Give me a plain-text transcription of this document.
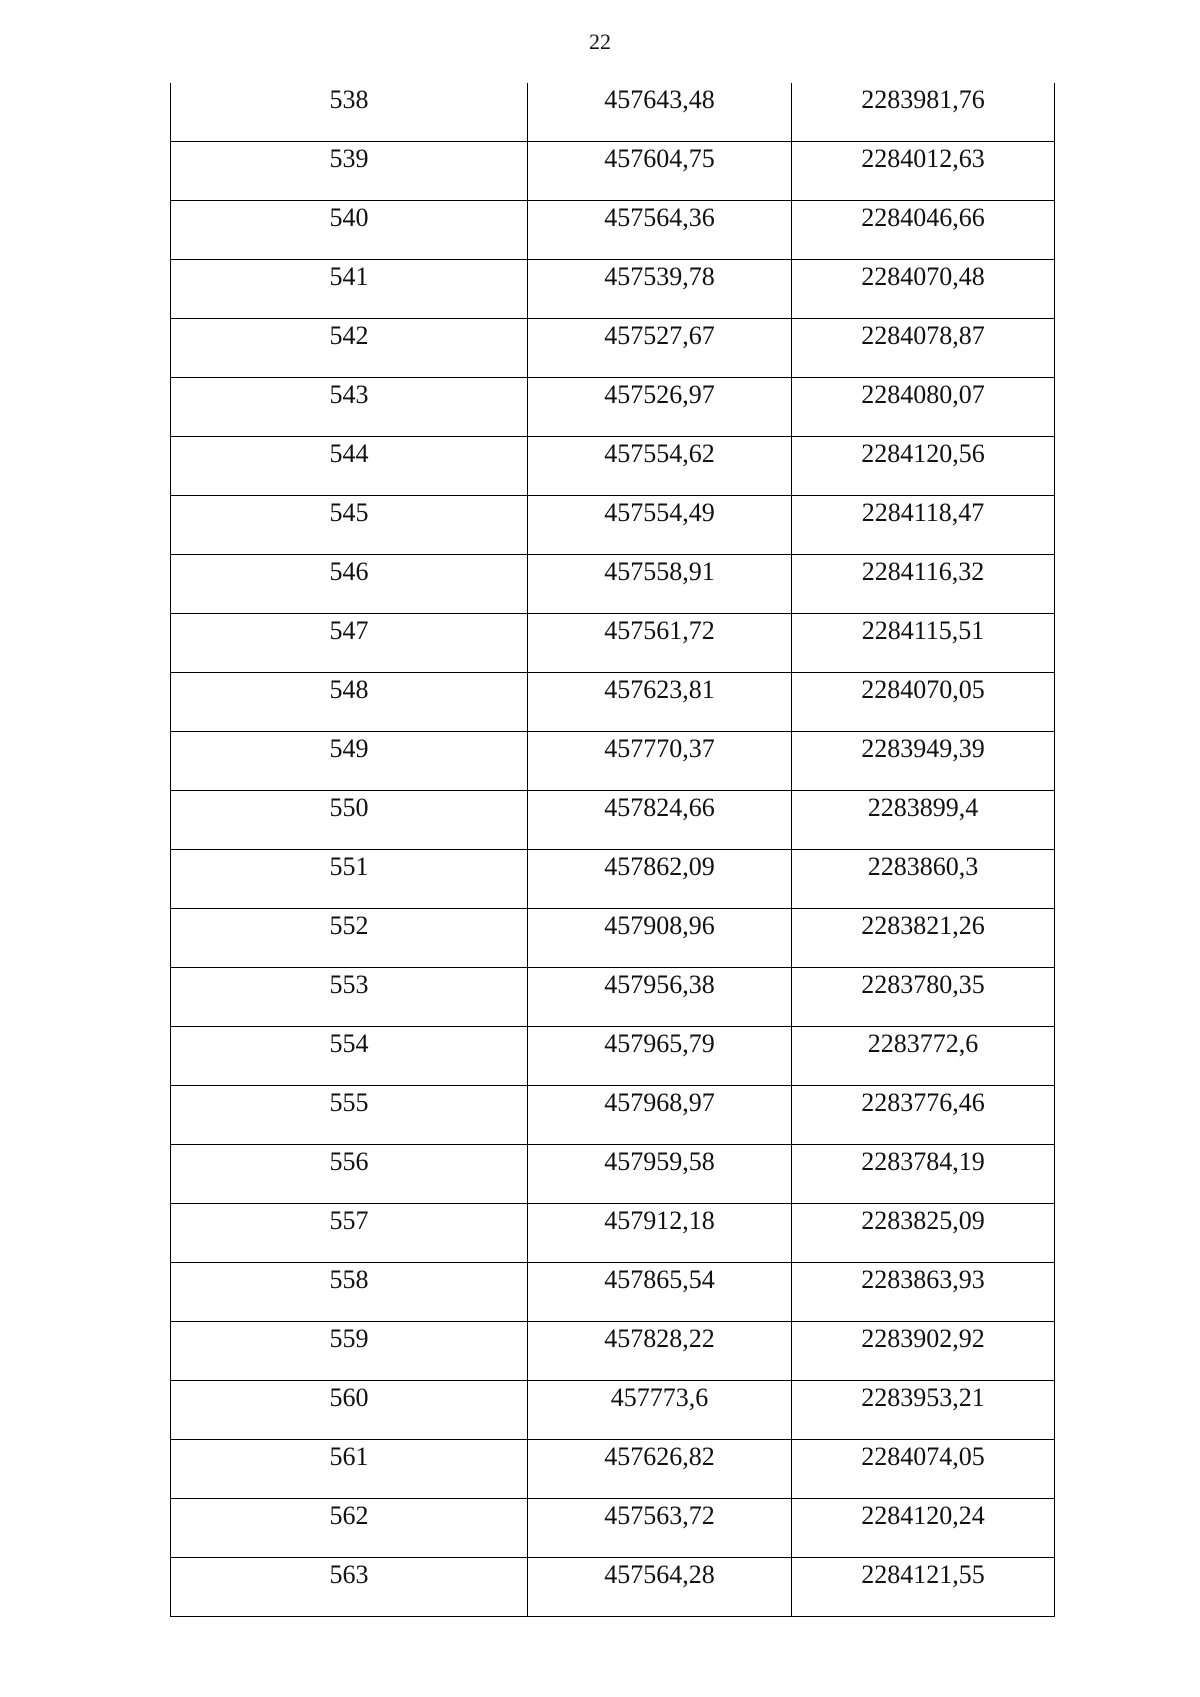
22
538	457643,48	2283981,76

539	457604,75	2284012,63

540	457564,36	2284046,66

541	457539,78	2284070,48

542	457527,67	2284078,87

543	457526,97	2284080,07

544	457554,62	2284120,56

545	457554,49	2284118,47

546	457558,91	2284116,32

547	457561,72	2284115,51

548	457623,81	2284070,05

549	457770,37	2283949,39

550	457824,66	2283899,4

551	457862,09	2283860,3

552	457908,96	2283821,26

553	457956,38	2283780,35

554	457965,79	2283772,6

555	457968,97	2283776,46

556	457959,58	2283784,19

557	457912,18	2283825,09

558	457865,54	2283863,93

559	457828,22	2283902,92

560	457773,6	2283953,21

561	457626,82	2284074,05

562	457563,72	2284120,24

563	457564,28	2284121,55
